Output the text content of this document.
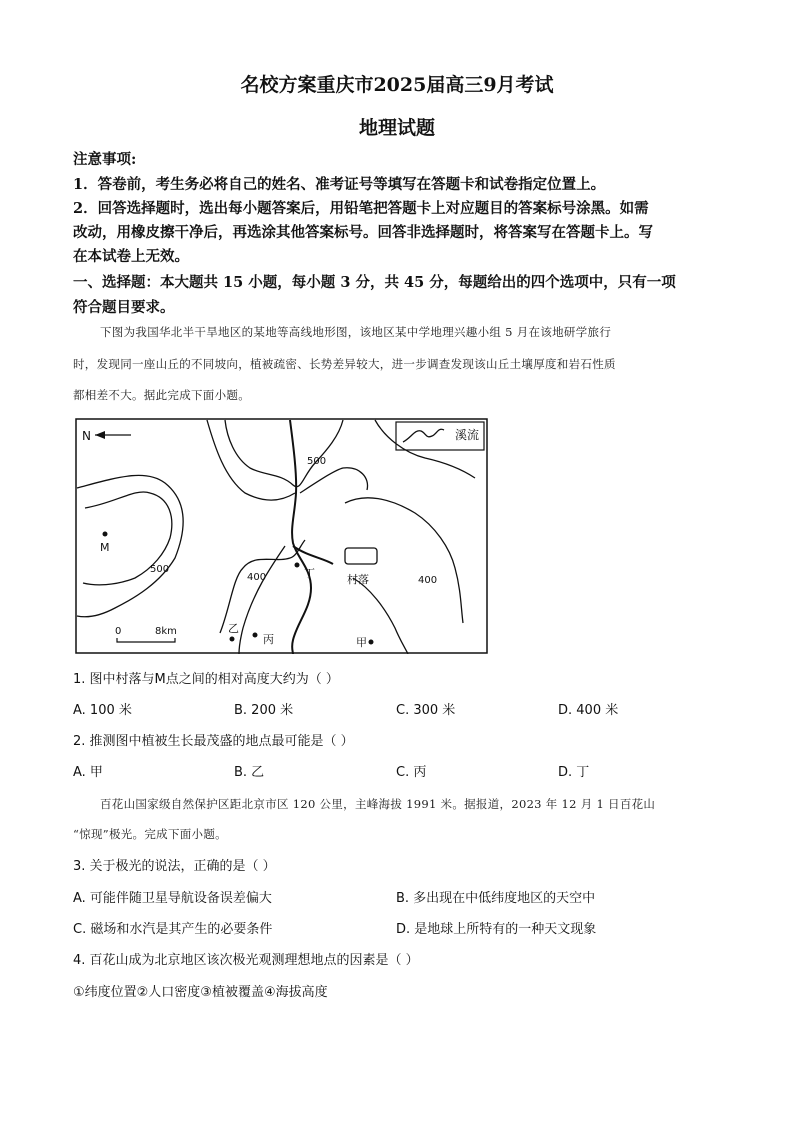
名校方案重庆市2025届高三9月考试
地理试题
注意事项:
1．答卷前，考生务必将自己的姓名、准考证号等填写在答题卡和试卷指定位置上。
2．回答选择题时，选出每小题答案后，用铅笔把答题卡上对应题目的答案标号涂黑。如需
改动，用橡皮擦干净后，再选涂其他答案标号。回答非选择题时，将答案写在答题卡上。写
在本试卷上无效。
一、选择题：本大题共 15 小题，每小题 3 分，共 45 分，每题给出的四个选项中，只有一项
符合题目要求。
下图为我国华北半干旱地区的某地等高线地形图，该地区某中学地理兴趣小组 5 月在该地研学旅行
时，发现同一座山丘的不同坡向，植被疏密、长势差异较大，进一步调查发现该山丘土壤厚度和岩石性质
都相差不大。据此完成下面小题。
N	溪流
村落
M
丁
乙
丙	甲
500
500
400	400
0	8km
1. 图中村落与M点之间的相对高度大约为（ ）
A. 100 米	B. 200 米	C. 300 米	D. 400 米
2. 推测图中植被生长最茂盛的地点最可能是（ ）
A. 甲	B. 乙	C. 丙	D. 丁
百花山国家级自然保护区距北京市区 120 公里，主峰海拔 1991 米。据报道，2023 年 12 月 1 日百花山
“惊现”极光。完成下面小题。
3. 关于极光的说法，正确的是（ ）
A. 可能伴随卫星导航设备误差偏大	B. 多出现在中低纬度地区的天空中
C. 磁场和水汽是其产生的必要条件	D. 是地球上所特有的一种天文现象
4. 百花山成为北京地区该次极光观测理想地点的因素是（ ）
①纬度位置②人口密度③植被覆盖④海拔高度
